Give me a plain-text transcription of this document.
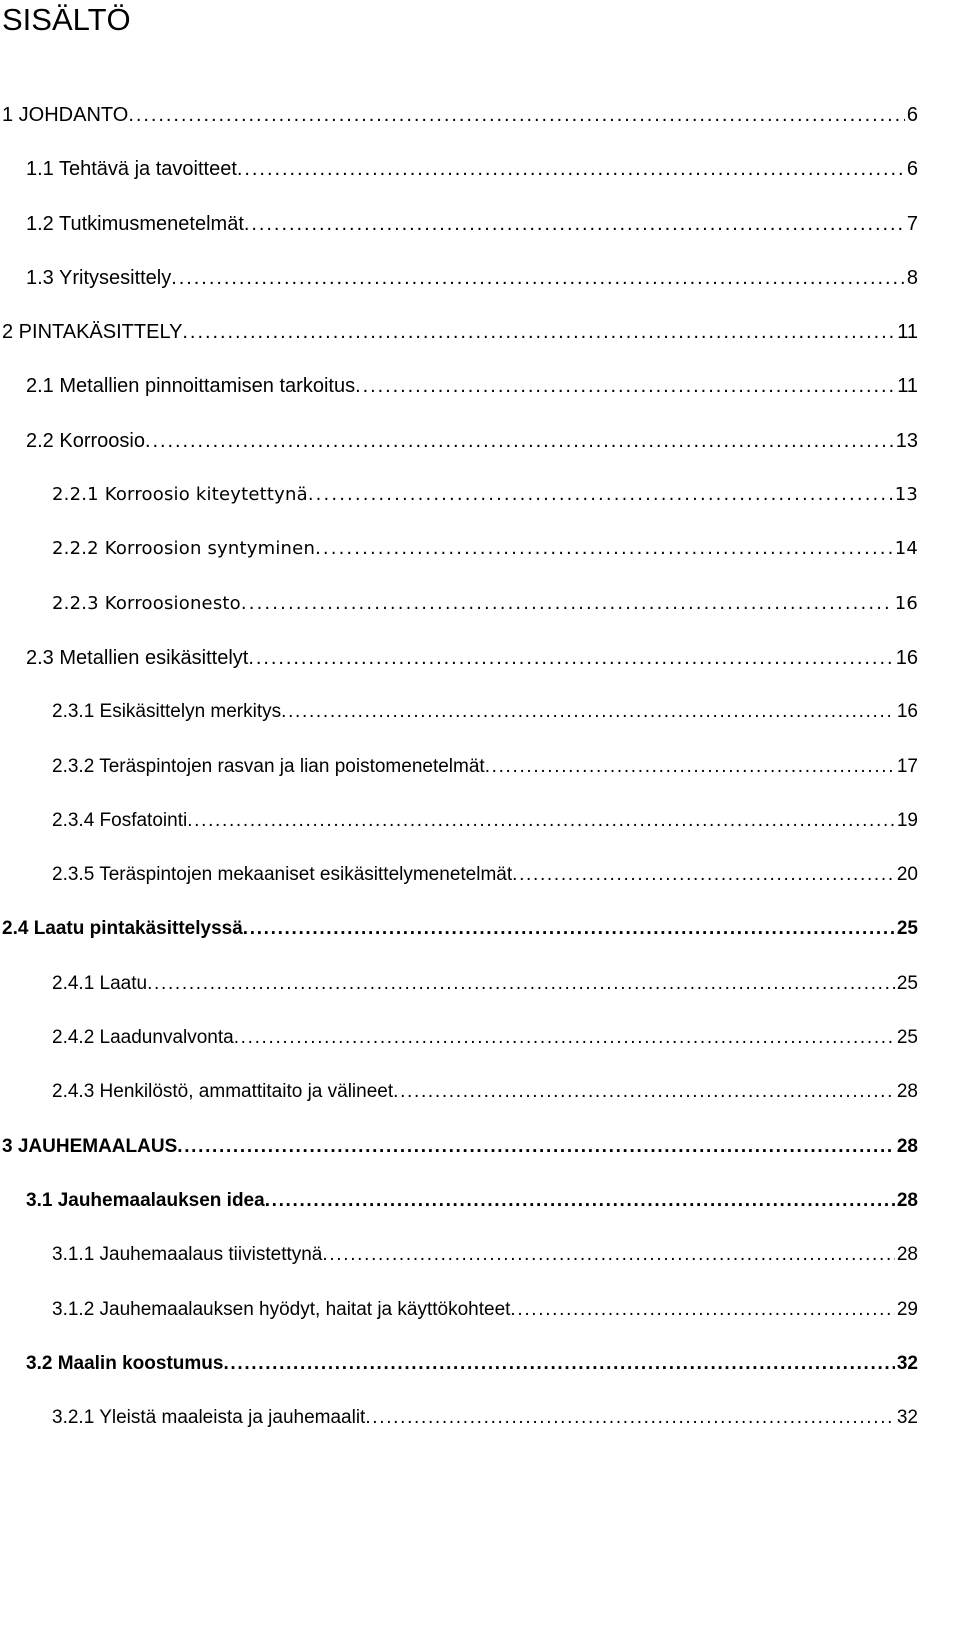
SISÄLTÖ
1 JOHDANTO . . .	6
1.1 Tehtävä ja tavoitteet . . .	6
1.2 Tutkimusmenetelmät . . .	7
1.3 Yritysesittely . . .	8
2 PINTAKÄSITTELY . . .	11
2.1 Metallien pinnoittamisen tarkoitus . . .	11
2.2 Korroosio . . .	13
2.2.1 Korroosio kiteytettynä . . .	13
2.2.2 Korroosion syntyminen . . .	14
2.2.3 Korroosionesto . . .	16
2.3 Metallien esikäsittelyt . . .	16
2.3.1 Esikäsittelyn merkitys . . .	16
2.3.2 Teräspintojen rasvan ja lian poistomenetelmät . . .	17
2.3.4 Fosfatointi . . .	19
2.3.5 Teräspintojen mekaaniset esikäsittelymenetelmät . . .	20
2.4 Laatu pintakäsittelyssä . . .	25
2.4.1 Laatu . . .	25
2.4.2 Laadunvalvonta . . .	25
2.4.3 Henkilöstö, ammattitaito ja välineet . . .	28
3 JAUHEMAALAUS . . .	28
3.1 Jauhemaalauksen idea . . .	28
3.1.1 Jauhemaalaus tiivistettynä . . .	28
3.1.2 Jauhemaalauksen hyödyt, haitat ja käyttökohteet . . .	29
3.2 Maalin koostumus . . .	32
3.2.1 Yleistä maaleista ja jauhemaalit . . .	32
